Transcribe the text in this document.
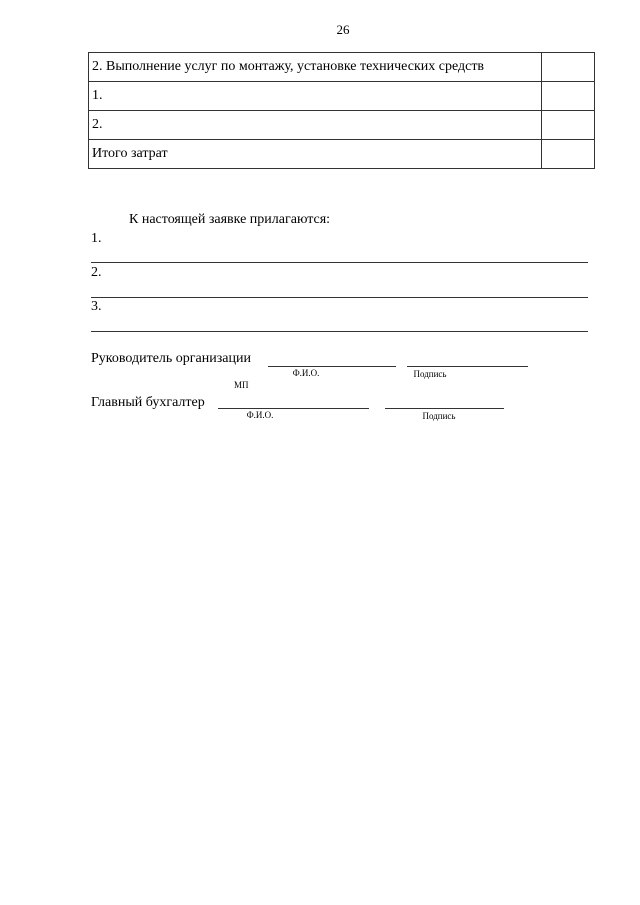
26
2. Выполнение услуг по монтажу, установке технических средств	
1.	
2.	
Итого затрат	
К настоящей заявке прилагаются:
1.
2.
3.
Руководитель организации
Ф.И.О.	Подпись
МП
Главный бухгалтер
Ф.И.О.	Подпись
